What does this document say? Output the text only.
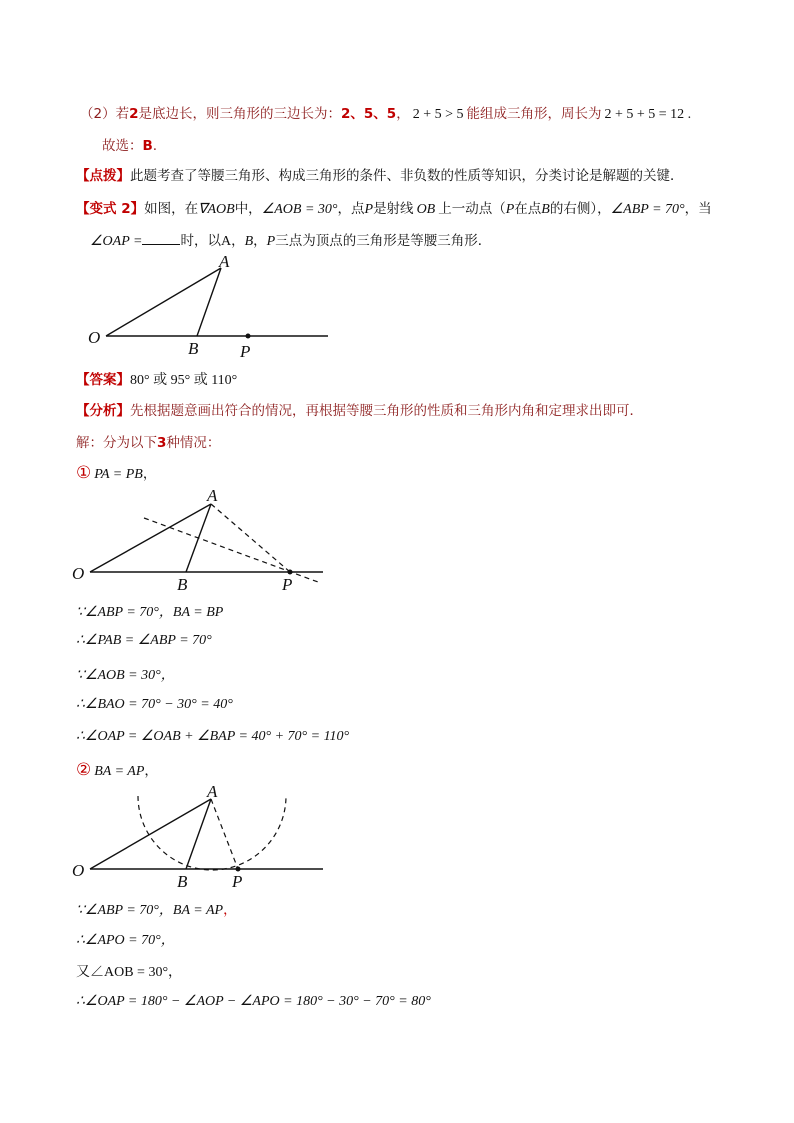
（2）若2是底边长，则三角形的三边长为：2、5、5， 2 + 5 > 5 能组成三角形，周长为 2 + 5 + 5 = 12 .
故选：B.
【点拨】此题考查了等腰三角形、构成三角形的条件、非负数的性质等知识，分类讨论是解题的关键．
【变式 2】如图，在∇AOB中，∠AOB = 30°，点P是射线 OB 上一动点（P在点B的右侧），∠ABP = 70°，当
∠OAP =	时，以A，B，P三点为顶点的三角形是等腰三角形．
O
A
B P
【答案】80° 或 95° 或 110°
【分析】先根据题意画出符合的情况，再根据等腰三角形的性质和三角形内角和定理求出即可．
解：分为以下3种情况：
① PA = PB，
O
A
B	P
∵∠ABP = 70°，BA = BP
∴∠PAB = ∠ABP = 70°
∵∠AOB = 30°，
∴∠BAO = 70° − 30° = 40°
∴∠OAP = ∠OAB + ∠BAP = 40° + 70° = 110°
② BA = AP，
O
A
B	P
∵∠ABP = 70°，BA = AP，
∴∠APO = 70°，
又∠AOB = 30°，
∴∠OAP = 180° − ∠AOP − ∠APO = 180° − 30° − 70° = 80°
